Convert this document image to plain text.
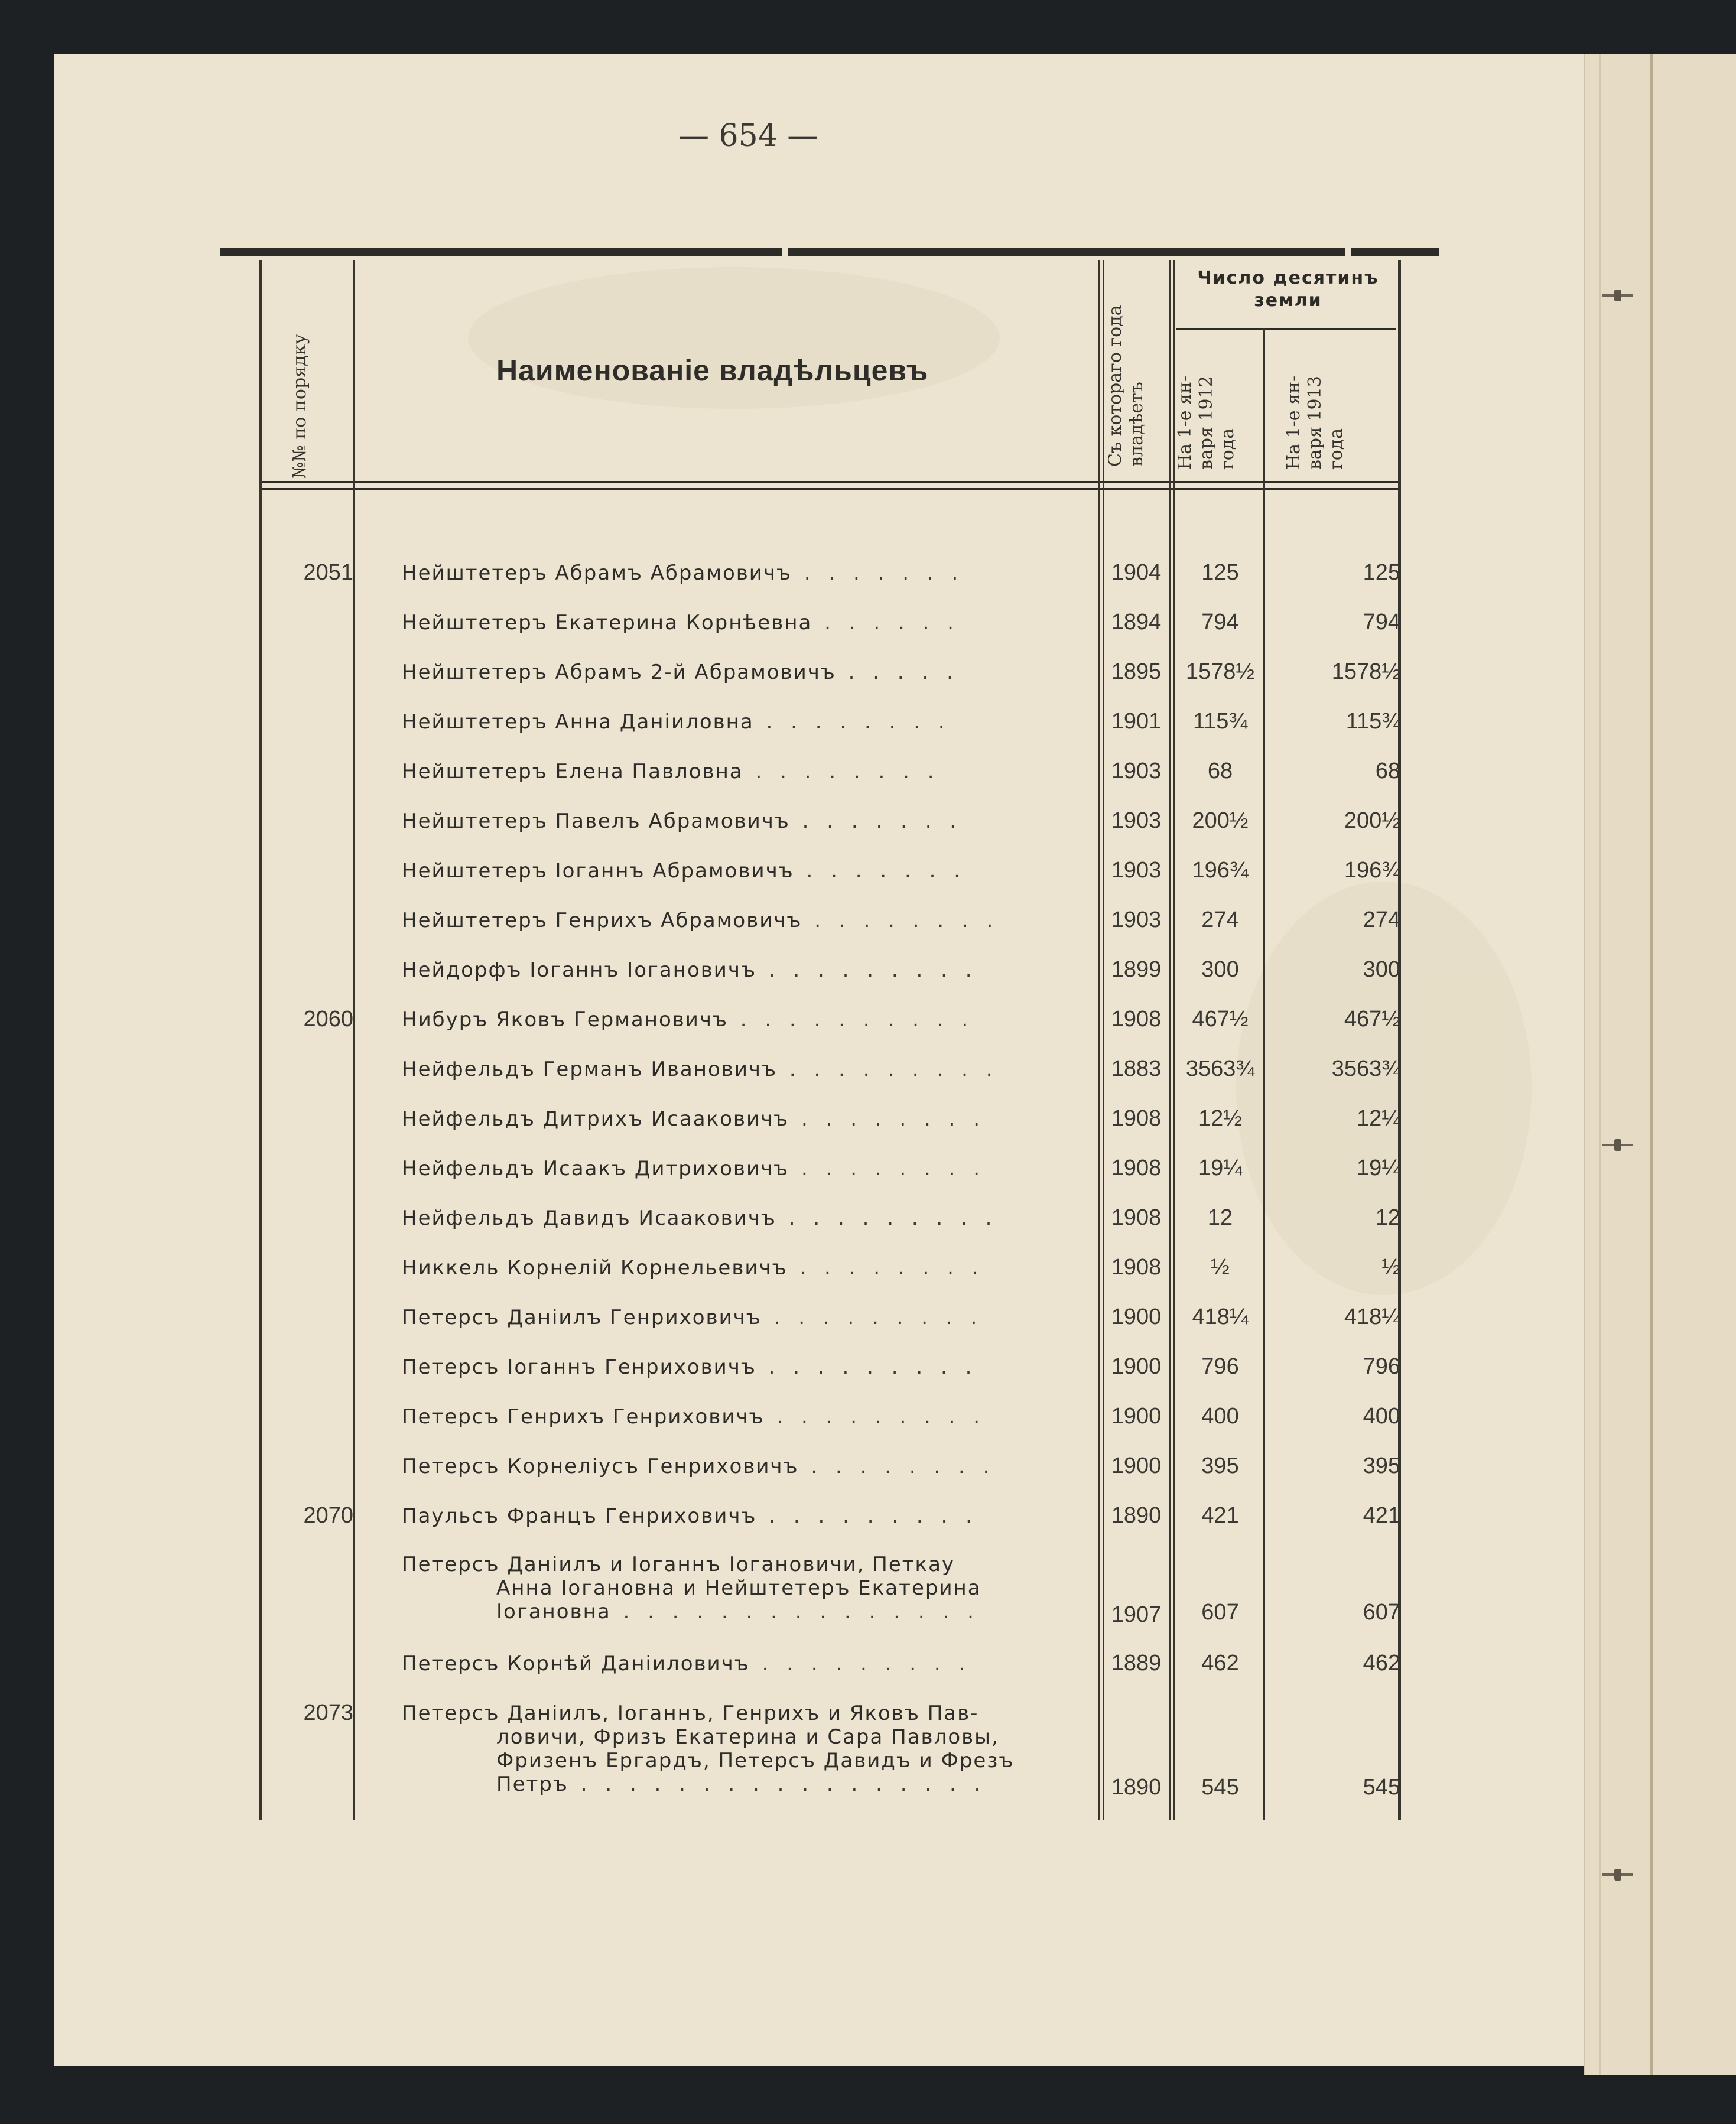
— 654 —
№№ по порядку	Наименованіе владѣльцевъ	Съ котораго года
владѣетъ
Число десятинъ земли
На 1-е ян-
варя 1912
года	На 1-е ян-
варя 1913
года
2051 Нейштетеръ Абрамъ Абрамовичъ . . . . . . .	1904	125	125
Нейштетеръ Екатерина Корнѣевна . . . . . .	1894	794	794
Нейштетеръ Абрамъ 2-й Абрамовичъ . . . . .	1895	1578½	1578½
Нейштетеръ Анна Даніиловна . . . . . . . .	1901	115¾	115¾
Нейштетеръ Елена Павловна . . . . . . . .	1903	68	68
Нейштетеръ Павелъ Абрамовичъ . . . . . . .	1903	200½	200½
Нейштетеръ Іоганнъ Абрамовичъ . . . . . . .	1903	196¾	196¾
Нейштетеръ Генрихъ Абрамовичъ . . . . . . . .	1903	274	274
Нейдорфъ Іоганнъ Іогановичъ . . . . . . . . .	1899	300	300
2060 Нибуръ Яковъ Германовичъ . . . . . . . . . .	1908	467½	467½
Нейфельдъ Германъ Ивановичъ . . . . . . . . .	1883	3563¾	3563¾
Нейфельдъ Дитрихъ Исааковичъ . . . . . . . .	1908	12½	12¼
Нейфельдъ Исаакъ Дитриховичъ . . . . . . . .	1908	19¼	19¼
Нейфельдъ Давидъ Исааковичъ . . . . . . . . .	1908	12	12
Никкель Корнелій Корнельевичъ . . . . . . . .	1908	½	½
Петерсъ Даніилъ Генриховичъ . . . . . . . . .	1900	418¼	418¼
Петерсъ Іоганнъ Генриховичъ . . . . . . . . .	1900	796	796
Петерсъ Генрихъ Генриховичъ . . . . . . . . .	1900	400	400
Петерсъ Корнеліусъ Генриховичъ . . . . . . . .	1900	395	395
2070 Паульсъ Францъ Генриховичъ . . . . . . . . .	1890	421	421
Петерсъ Даніилъ и Іоганнъ Іогановичи, Петкау
Анна Іогановна и Нейштетеръ Екатерина
Іогановна . . . . . . . . . . . . . . .	1907	607	607
Петерсъ Корнѣй Даніиловичъ . . . . . . . . .	1889	462	462
2073 Петерсъ Даніилъ, Іоганнъ, Генрихъ и Яковъ Пав-
ловичи, Фризъ Екатерина и Сара Павловы,
Фризенъ Ергардъ, Петерсъ Давидъ и Фрезъ
Петръ . . . . . . . . . . . . . . . . .	1890	545	545
